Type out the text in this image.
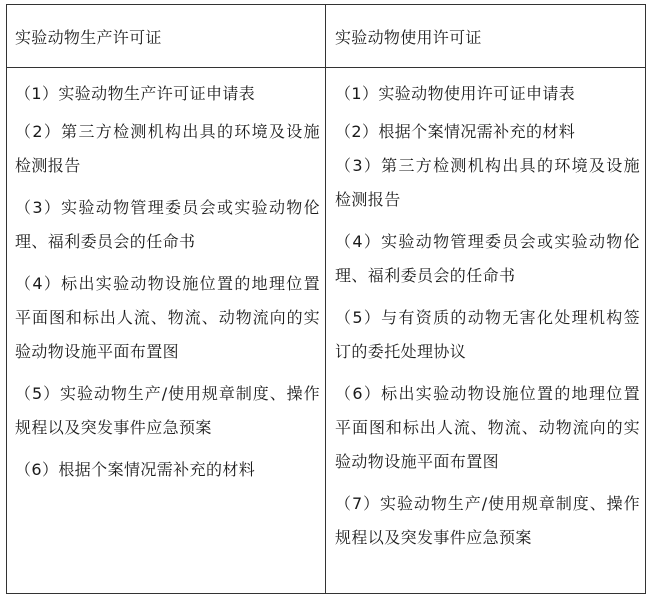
实验动物生产许可证	实验动物使用许可证

（1）实验动物生产许可证申请表

（2）第三方检测机构出具的环境及设施检测报告

（3）实验动物管理委员会或实验动物伦理、福利委员会的任命书

（4）标出实验动物设施位置的地理位置平面图和标出人流、物流、动物流向的实验动物设施平面布置图

（5）实验动物生产/使用规章制度、操作规程以及突发事件应急预案

（6）根据个案情况需补充的材料

（1）实验动物使用许可证申请表

（2）根据个案情况需补充的材料

（3）第三方检测机构出具的环境及设施检测报告

（4）实验动物管理委员会或实验动物伦理、福利委员会的任命书

（5）与有资质的动物无害化处理机构签订的委托处理协议

（6）标出实验动物设施位置的地理位置平面图和标出人流、物流、动物流向的实验动物设施平面布置图

（7）实验动物生产/使用规章制度、操作规程以及突发事件应急预案
